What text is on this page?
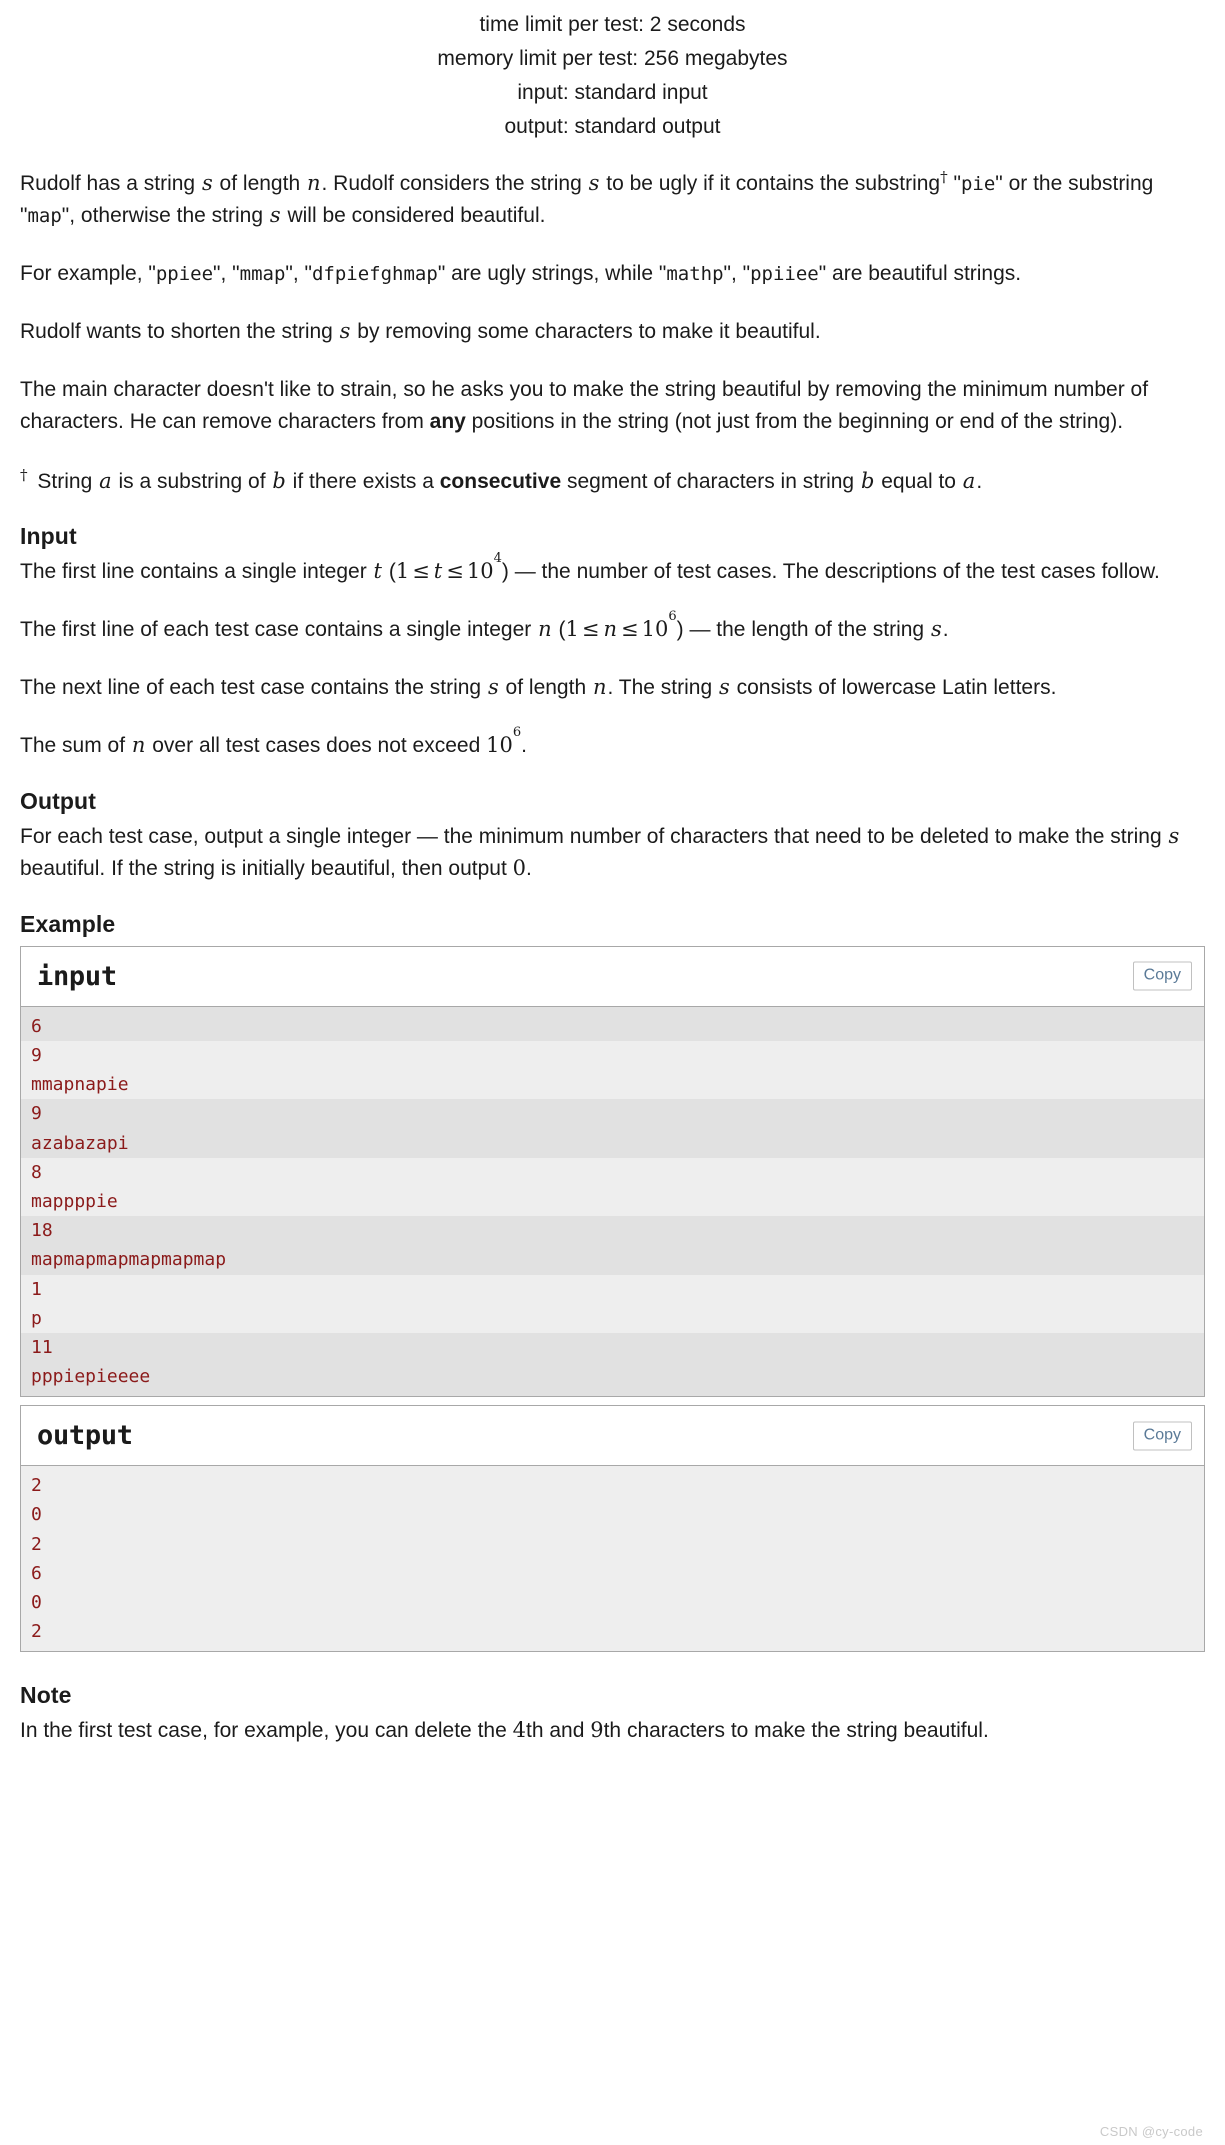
time limit per test: 2 seconds
memory limit per test: 256 megabytes
input: standard input
output: standard output

Rudolf has a string s of length n. Rudolf considers the string s to be ugly if it contains the substring† "pie" or the substring "map", otherwise the string s will be considered beautiful.

For example, "ppiee", "mmap", "dfpiefghmap" are ugly strings, while "mathp", "ppiiee" are beautiful strings.

Rudolf wants to shorten the string s by removing some characters to make it beautiful.

The main character doesn't like to strain, so he asks you to make the string beautiful by removing the minimum number of characters. He can remove characters from any positions in the string (not just from the beginning or end of the string).

† String a is a substring of b if there exists a consecutive segment of characters in string b equal to a.

Input

The first line contains a single integer t $(1 \le t \le 10^4)$ — the number of test cases. The descriptions of the test cases follow.

The first line of each test case contains a single integer n $(1 \le n \le 10^6)$ — the length of the string s.

The next line of each test case contains the string s of length n. The string s consists of lowercase Latin letters.

The sum of n over all test cases does not exceed $10^6$.

Output

For each test case, output a single integer — the minimum number of characters that need to be deleted to make the string s beautiful. If the string is initially beautiful, then output 0.

Example
input	Copy
6
9
mmapnapie
9
azabazapi
8
mappppie
18
mapmapmapmapmapmap
1
p
11
pppiepieeee
output	Copy
2
0
2
6
0
2
Note

In the first test case, for example, you can delete the 4th and 9th characters to make the string beautiful.

CSDN @cy-code
